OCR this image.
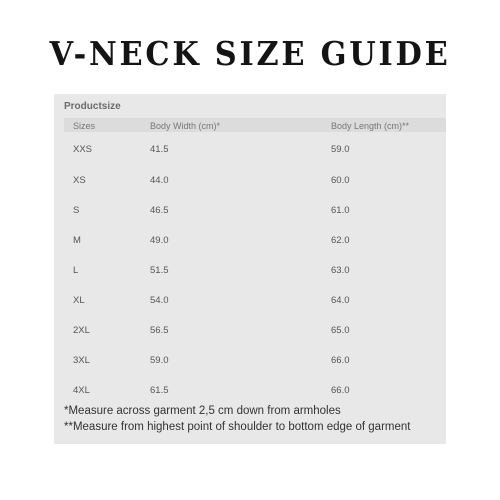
V-NECK SIZE GUIDE
Productsize
Sizes	Body Width (cm)*	Body Length (cm)**
XXS	41.5	59.0
XS	44.0	60.0
S	46.5	61.0
M	49.0	62.0
L	51.5	63.0
XL	54.0	64.0
2XL	56.5	65.0
3XL	59.0	66.0
4XL	61.5	66.0
*Measure across garment 2,5 cm down from armholes
**Measure from highest point of shoulder to bottom edge of garment
